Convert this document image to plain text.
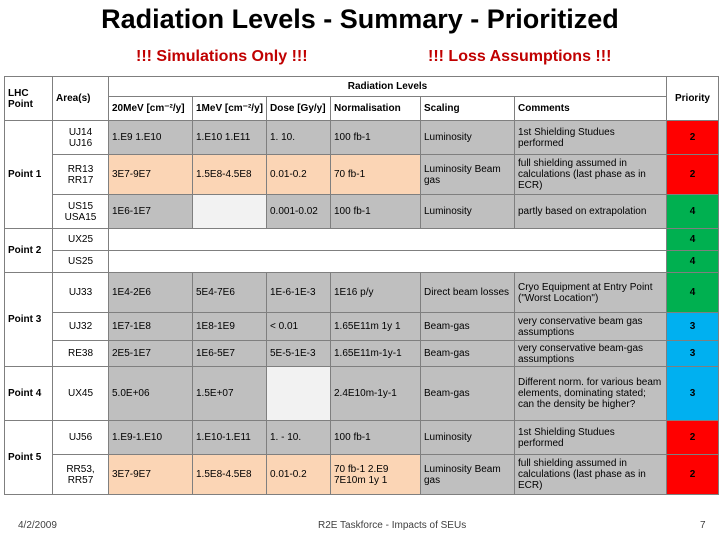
Radiation Levels - Summary - Prioritized
!!! Simulations Only !!!	!!! Loss Assumptions !!!
LHC Point	Area(s)	Radiation Levels						Priority
		20MeV [cm⁻²/y]	1MeV [cm⁻²/y]	Dose [Gy/y]	Normalisation	Scaling	Comments	
Point 1	UJ14 UJ16	1.E9 1.E10	1.E10 1.E11	1. 10.	100 fb-1	Luminosity	1st Shielding Studues performed	2
	RR13 RR17	3E7-9E7	1.5E8-4.5E8	0.01-0.2	70 fb-1	Luminosity Beam gas	full shielding assumed in calculations (last phase as in ECR)	2
	US15 USA15	1E6-1E7		0.001-0.02	100 fb-1	Luminosity	partly based on extrapolation	4
Point 2	UX25							4
	US25							4
Point 3	UJ33	1E4-2E6	5E4-7E6	1E-6-1E-3	1E16 p/y	Direct beam losses	Cryo Equipment at Entry Point ("Worst Location")	4
	UJ32	1E7-1E8	1E8-1E9	< 0.01	1.65E11m 1y 1	Beam-gas	very conservative beam gas assumptions	3
	RE38	2E5-1E7	1E6-5E7	5E-5-1E-3	1.65E11m-1y-1	Beam-gas	very conservative beam-gas assumptions	3
Point 4	UX45	5.0E+06	1.5E+07		2.4E10m-1y-1	Beam-gas	Different norm. for various beam elements, dominating stated; can the density be higher?	3
Point 5	UJ56	1.E9-1.E10	1.E10-1.E11	1. - 10.	100 fb-1	Luminosity	1st Shielding Studues performed	2
	RR53, RR57	3E7-9E7	1.5E8-4.5E8	0.01-0.2	70 fb-1 2.E9 7E10m 1y 1	Luminosity Beam gas	full shielding assumed in calculations (last phase as in ECR)	2
4/2/2009	R2E Taskforce - Impacts of SEUs	7
